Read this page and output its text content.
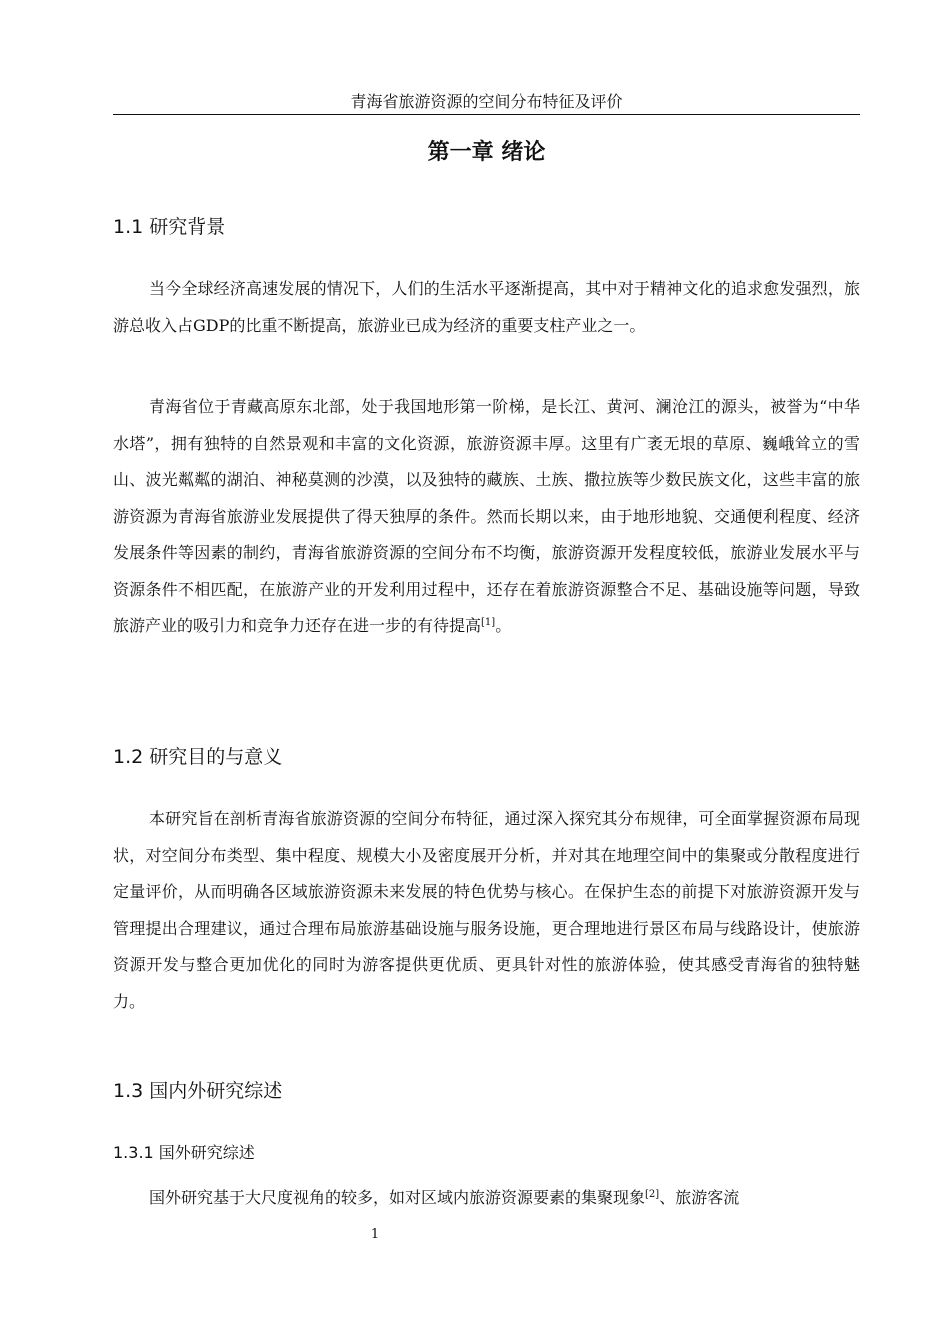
青海省旅游资源的空间分布特征及评价
第一章 绪论
1.1 研究背景

当今全球经济高速发展的情况下，人们的生活水平逐渐提高，其中对于精神文化的追求愈发强烈，旅游总收入占GDP的比重不断提高，旅游业已成为经济的重要支柱产业之一。

青海省位于青藏高原东北部，处于我国地形第一阶梯，是长江、黄河、澜沧江的源头，被誉为“中华水塔”，拥有独特的自然景观和丰富的文化资源，旅游资源丰厚。这里有广袤无垠的草原、巍峨耸立的雪山、波光粼粼的湖泊、神秘莫测的沙漠，以及独特的藏族、土族、撒拉族等少数民族文化，这些丰富的旅游资源为青海省旅游业发展提供了得天独厚的条件。然而长期以来，由于地形地貌、交通便利程度、经济发展条件等因素的制约，青海省旅游资源的空间分布不均衡，旅游资源开发程度较低，旅游业发展水平与资源条件不相匹配，在旅游产业的开发利用过程中，还存在着旅游资源整合不足、基础设施等问题，导致旅游产业的吸引力和竞争力还存在进一步的有待提高[1]。

1.2 研究目的与意义

本研究旨在剖析青海省旅游资源的空间分布特征，通过深入探究其分布规律，可全面掌握资源布局现状，对空间分布类型、集中程度、规模大小及密度展开分析，并对其在地理空间中的集聚或分散程度进行定量评价，从而明确各区域旅游资源未来发展的特色优势与核心。在保护生态的前提下对旅游资源开发与管理提出合理建议，通过合理布局旅游基础设施与服务设施，更合理地进行景区布局与线路设计，使旅游资源开发与整合更加优化的同时为游客提供更优质、更具针对性的旅游体验，使其感受青海省的独特魅力。

1.3 国内外研究综述
1.3.1 国外研究综述

国外研究基于大尺度视角的较多，如对区域内旅游资源要素的集聚现象[2]、旅游客流

1
